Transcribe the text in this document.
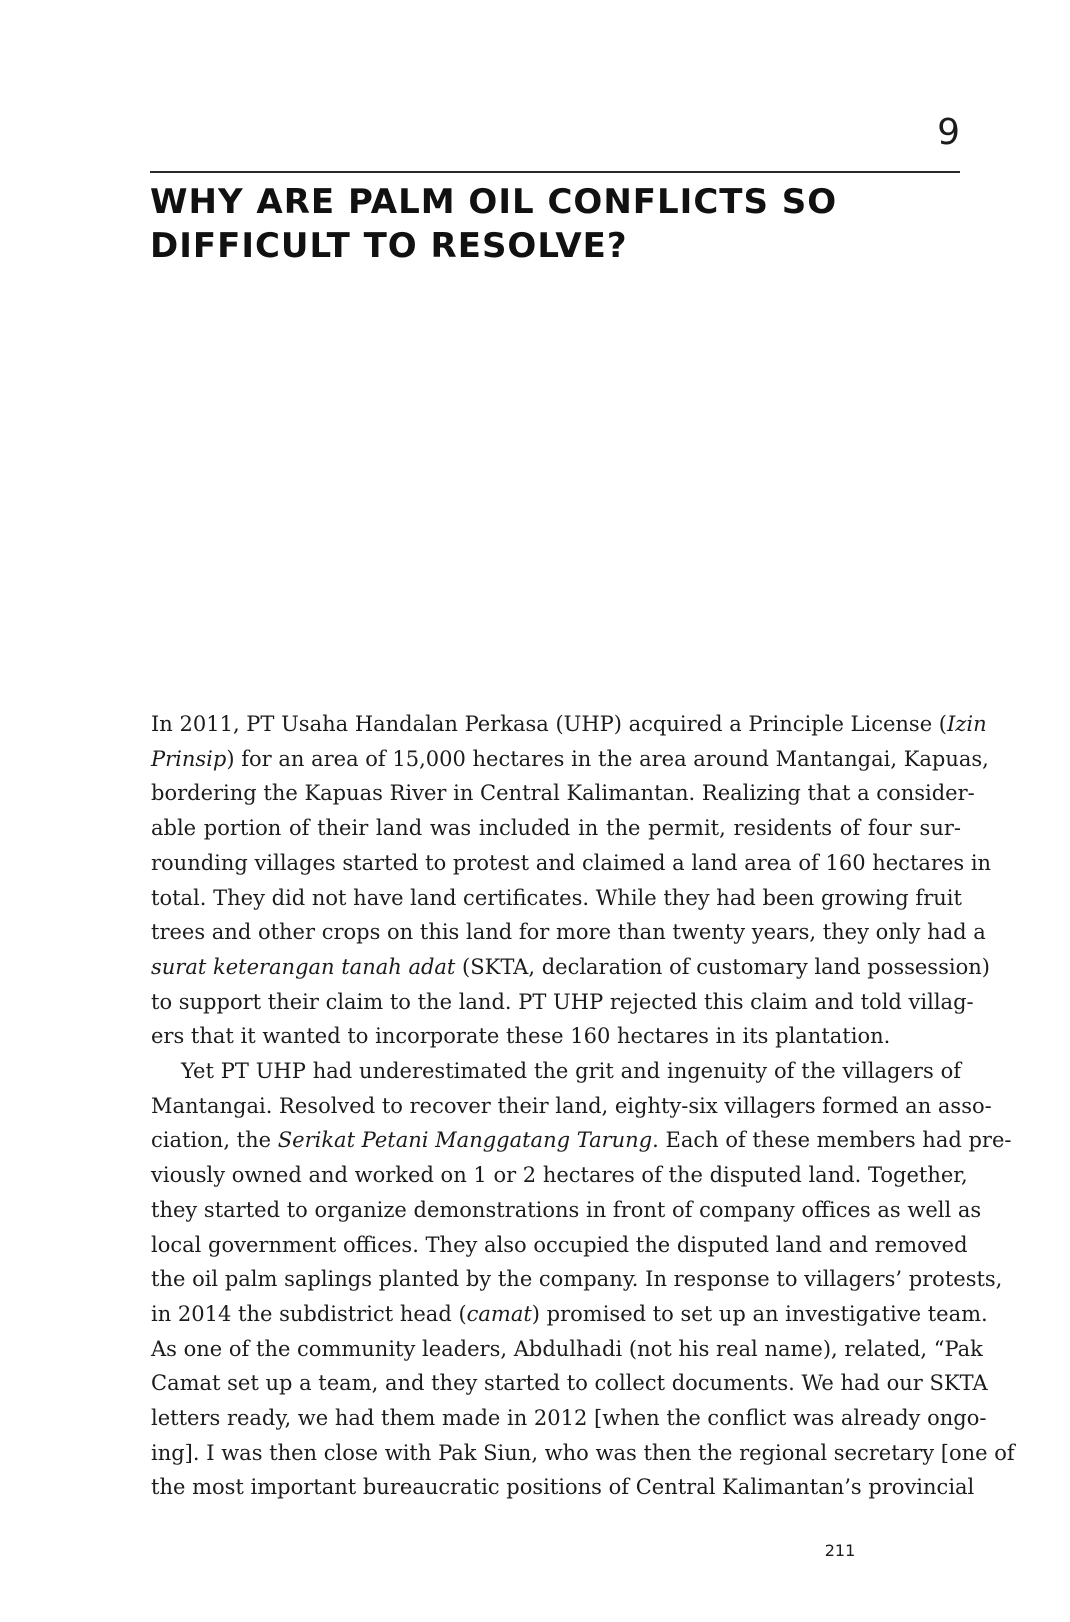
9
WHY ARE PALM OIL CONFLICTS SO
DIFFICULT TO RESOLVE?
In 2011, PT Usaha Handalan Perkasa (UHP) acquired a Principle License (Izin
Prinsip) for an area of 15,000 hectares in the area around Mantangai, Kapuas,
bordering the Kapuas River in Central Kalimantan. Realizing that a consider-
able portion of their land was included in the permit, residents of four sur-
rounding villages started to protest and claimed a land area of 160 hectares in
total. They did not have land certificates. While they had been growing fruit
trees and other crops on this land for more than twenty years, they only had a
surat keterangan tanah adat (SKTA, declaration of customary land possession)
to support their claim to the land. PT UHP rejected this claim and told villag-
ers that it wanted to incorporate these 160 hectares in its plantation.
Yet PT UHP had underestimated the grit and ingenuity of the villagers of
Mantangai. Resolved to recover their land, eighty-six villagers formed an asso-
ciation, the Serikat Petani Manggatang Tarung. Each of these members had pre-
viously owned and worked on 1 or 2 hectares of the disputed land. Together,
they started to organize demonstrations in front of company offices as well as
local government offices. They also occupied the disputed land and removed
the oil palm saplings planted by the company. In response to villagers’ protests,
in 2014 the subdistrict head (camat) promised to set up an investigative team.
As one of the community leaders, Abdulhadi (not his real name), related, “Pak
Camat set up a team, and they started to collect documents. We had our SKTA
letters ready, we had them made in 2012 [when the conflict was already ongo-
ing]. I was then close with Pak Siun, who was then the regional secretary [one of
the most important bureaucratic positions of Central Kalimantan’s provincial
211
